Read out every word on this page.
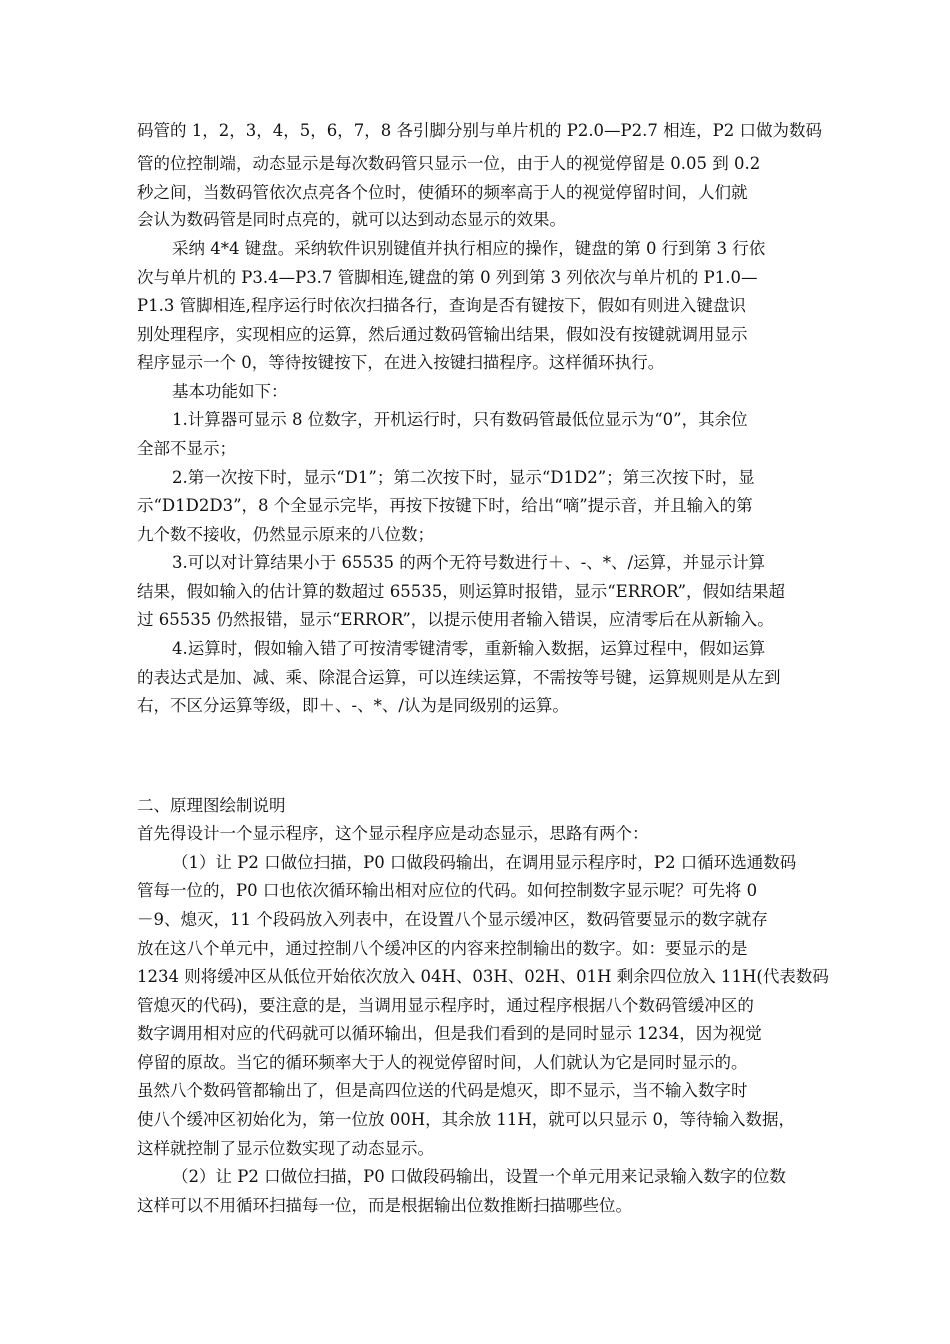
码管的 1，2，3，4，5，6，7，8 各引脚分别与单片机的 P2.0—P2.7 相连，P2 口做为数码
管的位控制端，动态显示是每次数码管只显示一位，由于人的视觉停留是 0.05 到 0.2
秒之间，当数码管依次点亮各个位时，使循环的频率高于人的视觉停留时间，人们就
会认为数码管是同时点亮的，就可以达到动态显示的效果。
采纳 4*4 键盘。采纳软件识别键值并执行相应的操作，键盘的第 0 行到第 3 行依
次与单片机的 P3.4—P3.7 管脚相连,键盘的第 0 列到第 3 列依次与单片机的 P1.0—
P1.3 管脚相连,程序运行时依次扫描各行，查询是否有键按下，假如有则进入键盘识
别处理程序，实现相应的运算，然后通过数码管输出结果，假如没有按键就调用显示
程序显示一个 0，等待按键按下，在进入按键扫描程序。这样循环执行。
基本功能如下：
1.计算器可显示 8 位数字，开机运行时，只有数码管最低位显示为“0”，其余位
全部不显示；
2.第一次按下时，显示“D1”；第二次按下时，显示“D1D2”；第三次按下时，显
示“D1D2D3”，8 个全显示完毕，再按下按键下时，给出“嘀”提示音，并且输入的第
九个数不接收，仍然显示原来的八位数；
3.可以对计算结果小于 65535 的两个无符号数进行＋、-、*、/运算，并显示计算
结果，假如输入的估计算的数超过 65535，则运算时报错，显示“ERROR”，假如结果超
过 65535 仍然报错，显示“ERROR”，以提示使用者输入错误，应清零后在从新输入。
4.运算时，假如输入错了可按清零键清零，重新输入数据，运算过程中，假如运算
的表达式是加、减、乘、除混合运算，可以连续运算，不需按等号键，运算规则是从左到
右，不区分运算等级，即＋、-、*、/认为是同级别的运算。
二、原理图绘制说明
首先得设计一个显示程序，这个显示程序应是动态显示，思路有两个：
（1）让 P2 口做位扫描，P0 口做段码输出，在调用显示程序时，P2 口循环选通数码
管每一位的，P0 口也依次循环输出相对应位的代码。如何控制数字显示呢？可先将 0
－9、熄灭，11 个段码放入列表中，在设置八个显示缓冲区，数码管要显示的数字就存
放在这八个单元中，通过控制八个缓冲区的内容来控制输出的数字。如：要显示的是
1234 则将缓冲区从低位开始依次放入 04H、03H、02H、01H 剩余四位放入 11H(代表数码
管熄灭的代码)，要注意的是，当调用显示程序时，通过程序根据八个数码管缓冲区的
数字调用相对应的代码就可以循环输出，但是我们看到的是同时显示 1234，因为视觉
停留的原故。当它的循环频率大于人的视觉停留时间，人们就认为它是同时显示的。
虽然八个数码管都输出了，但是高四位送的代码是熄灭，即不显示，当不输入数字时
使八个缓冲区初始化为，第一位放 00H，其余放 11H，就可以只显示 0，等待输入数据，
这样就控制了显示位数实现了动态显示。
（2）让 P2 口做位扫描，P0 口做段码输出，设置一个单元用来记录输入数字的位数
这样可以不用循环扫描每一位，而是根据输出位数推断扫描哪些位。
